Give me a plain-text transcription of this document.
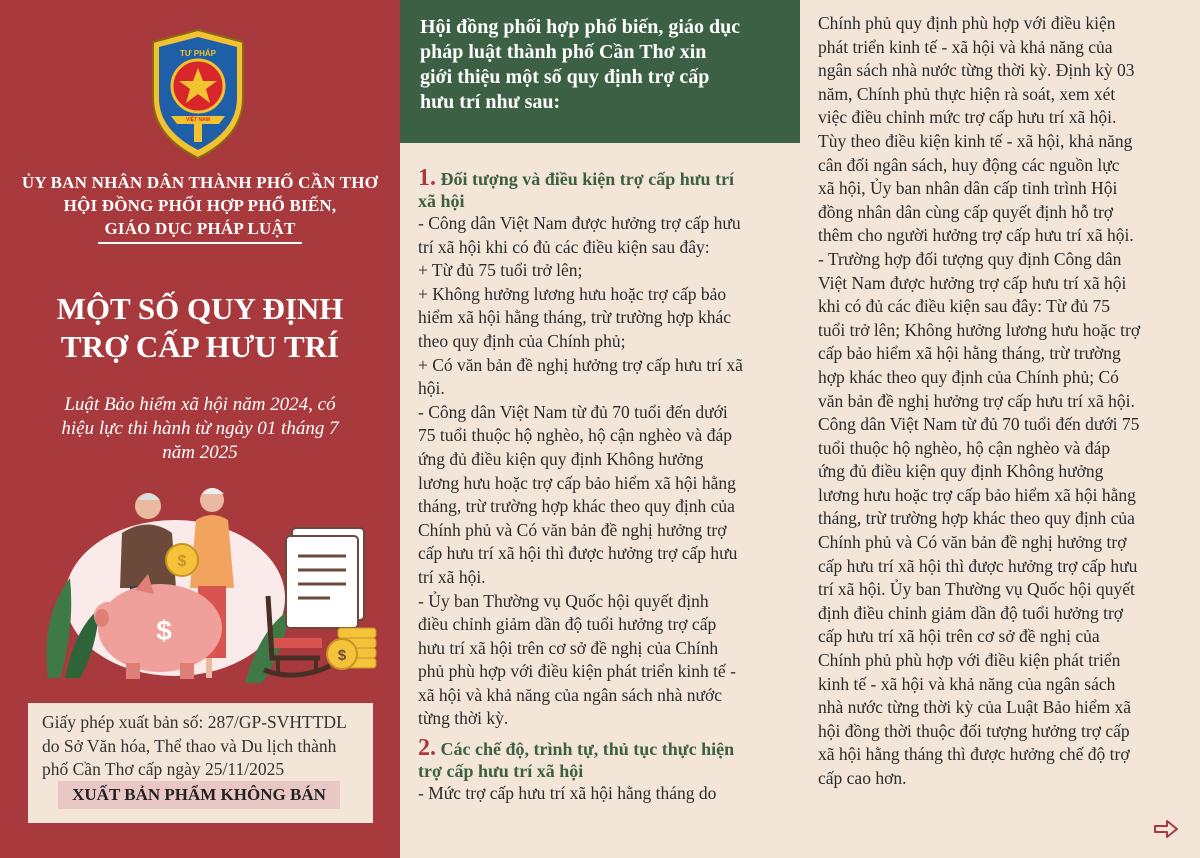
TƯ PHÁP
VIỆT NAM
ỦY BAN NHÂN DÂN THÀNH PHỐ CẦN THƠ
HỘI ĐỒNG PHỐI HỢP PHỔ BIẾN,
GIÁO DỤC PHÁP LUẬT
MỘT SỐ QUY ĐỊNH
TRỢ CẤP HƯU TRÍ
Luật Bảo hiểm xã hội năm 2024, có
hiệu lực thi hành từ ngày 01 tháng 7
năm 2025
$
$
$
Giấy phép xuất bản số: 287/GP-SVHTTDL
do Sở Văn hóa, Thể thao và Du lịch thành
phố Cần Thơ cấp ngày 25/11/2025
XUẤT BẢN PHẨM KHÔNG BÁN
Hội đồng phối hợp phổ biến, giáo dục
pháp luật thành phố Cần Thơ xin
giới thiệu một số quy định trợ cấp
hưu trí như sau:
1. Đối tượng và điều kiện trợ cấp hưu trí
xã hội
- Công dân Việt Nam được hưởng trợ cấp hưu
trí xã hội khi có đủ các điều kiện sau đây:
+ Từ đủ 75 tuổi trở lên;
+ Không hưởng lương hưu hoặc trợ cấp bảo
hiểm xã hội hằng tháng, trừ trường hợp khác
theo quy định của Chính phủ;
+ Có văn bản đề nghị hưởng trợ cấp hưu trí xã
hội.
- Công dân Việt Nam từ đủ 70 tuổi đến dưới
75 tuổi thuộc hộ nghèo, hộ cận nghèo và đáp
ứng đủ điều kiện quy định Không hưởng
lương hưu hoặc trợ cấp bảo hiểm xã hội hằng
tháng, trừ trường hợp khác theo quy định của
Chính phủ và Có văn bản đề nghị hưởng trợ
cấp hưu trí xã hội thì được hưởng trợ cấp hưu
trí xã hội.
- Ủy ban Thường vụ Quốc hội quyết định
điều chỉnh giảm dần độ tuổi hưởng trợ cấp
hưu trí xã hội trên cơ sở đề nghị của Chính
phủ phù hợp với điều kiện phát triển kinh tế -
xã hội và khả năng của ngân sách nhà nước
từng thời kỳ.
2. Các chế độ, trình tự, thủ tục thực hiện
trợ cấp hưu trí xã hội
- Mức trợ cấp hưu trí xã hội hằng tháng do
Chính phủ quy định phù hợp với điều kiện
phát triển kinh tế - xã hội và khả năng của
ngân sách nhà nước từng thời kỳ. Định kỳ 03
năm, Chính phủ thực hiện rà soát, xem xét
việc điều chỉnh mức trợ cấp hưu trí xã hội.
Tùy theo điều kiện kinh tế - xã hội, khả năng
cân đối ngân sách, huy động các nguồn lực
xã hội, Ủy ban nhân dân cấp tỉnh trình Hội
đồng nhân dân cùng cấp quyết định hỗ trợ
thêm cho người hưởng trợ cấp hưu trí xã hội.
- Trường hợp đối tượng quy định Công dân
Việt Nam được hưởng trợ cấp hưu trí xã hội
khi có đủ các điều kiện sau đây: Từ đủ 75
tuổi trở lên; Không hưởng lương hưu hoặc trợ
cấp bảo hiểm xã hội hằng tháng, trừ trường
hợp khác theo quy định của Chính phủ; Có
văn bản đề nghị hưởng trợ cấp hưu trí xã hội.
Công dân Việt Nam từ đủ 70 tuổi đến dưới 75
tuổi thuộc hộ nghèo, hộ cận nghèo và đáp
ứng đủ điều kiện quy định Không hưởng
lương hưu hoặc trợ cấp bảo hiểm xã hội hằng
tháng, trừ trường hợp khác theo quy định của
Chính phủ và Có văn bản đề nghị hưởng trợ
cấp hưu trí xã hội thì được hưởng trợ cấp hưu
trí xã hội. Ủy ban Thường vụ Quốc hội quyết
định điều chỉnh giảm dần độ tuổi hưởng trợ
cấp hưu trí xã hội trên cơ sở đề nghị của
Chính phủ phù hợp với điều kiện phát triển
kinh tế - xã hội và khả năng của ngân sách
nhà nước từng thời kỳ của Luật Bảo hiểm xã
hội đồng thời thuộc đối tượng hưởng trợ cấp
xã hội hằng tháng thì được hưởng chế độ trợ
cấp cao hơn.
